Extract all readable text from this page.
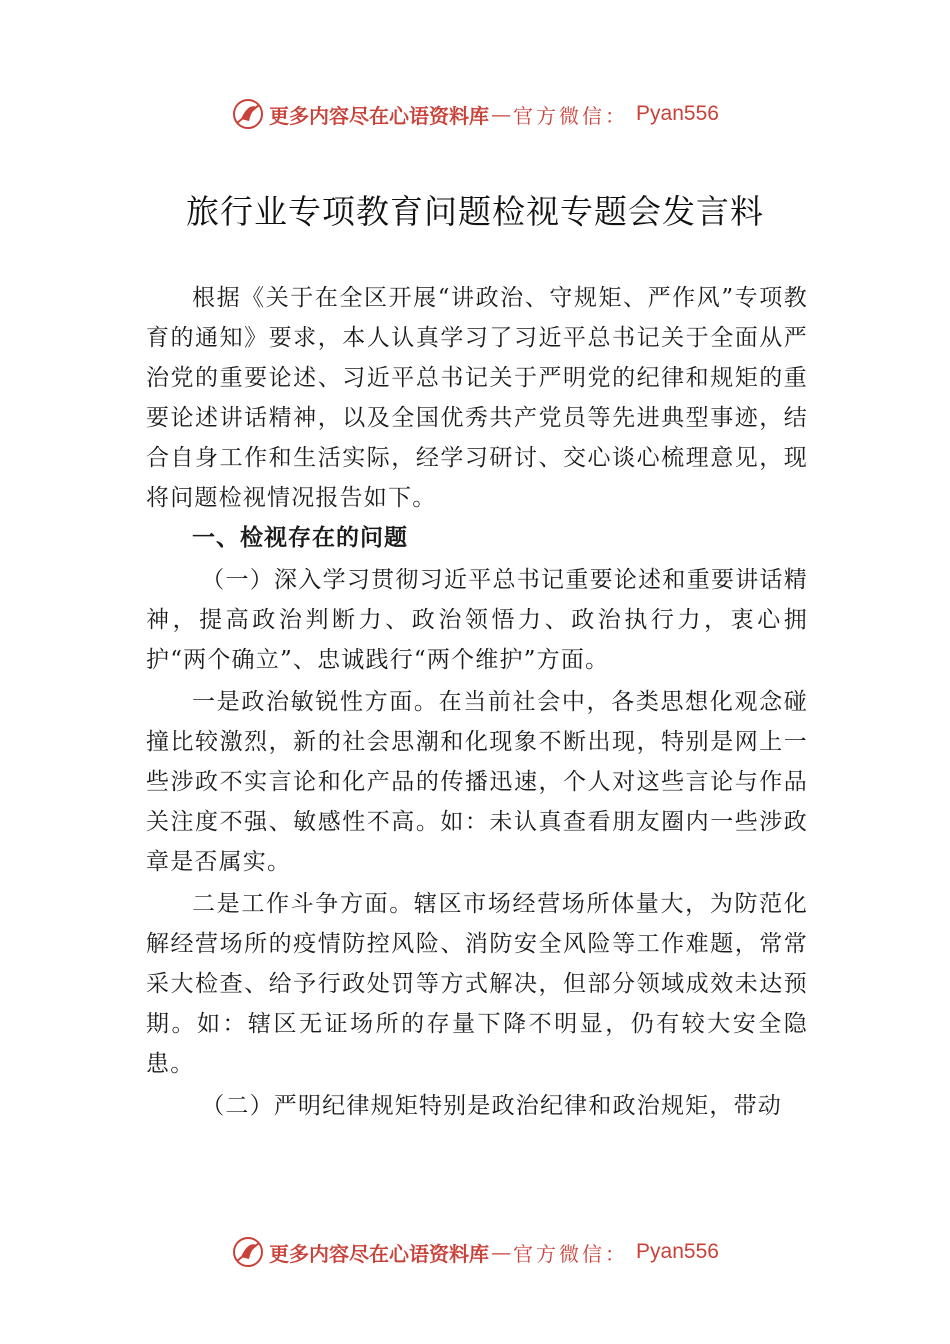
更多内容尽在心语资料库 — 官方微信： Pyan556
旅行业专项教育问题检视专题会发言料

根据《关于在全区开展“讲政治、守规矩、严作风”专项教育的通知》要求，本人认真学习了习近平总书记关于全面从严治党的重要论述、习近平总书记关于严明党的纪律和规矩的重要论述讲话精神，以及全国优秀共产党员等先进典型事迹，结合自身工作和生活实际，经学习研讨、交心谈心梳理意见，现将问题检视情况报告如下。

一、检视存在的问题

（一）深入学习贯彻习近平总书记重要论述和重要讲话精神，提高政治判断力、政治领悟力、政治执行力，衷心拥护“两个确立”、忠诚践行“两个维护”方面。

一是政治敏锐性方面。在当前社会中，各类思想化观念碰撞比较激烈，新的社会思潮和化现象不断出现，特别是网上一些涉政不实言论和化产品的传播迅速，个人对这些言论与作品关注度不强、敏感性不高。如：未认真查看朋友圈内一些涉政章是否属实。

二是工作斗争方面。辖区市场经营场所体量大，为防范化解经营场所的疫情防控风险、消防安全风险等工作难题，常常采大检查、给予行政处罚等方式解决，但部分领域成效未达预期。如：辖区无证场所的存量下降不明显，仍有较大安全隐患。

（二）严明纪律规矩特别是政治纪律和政治规矩，带动

更多内容尽在心语资料库 — 官方微信： Pyan556
